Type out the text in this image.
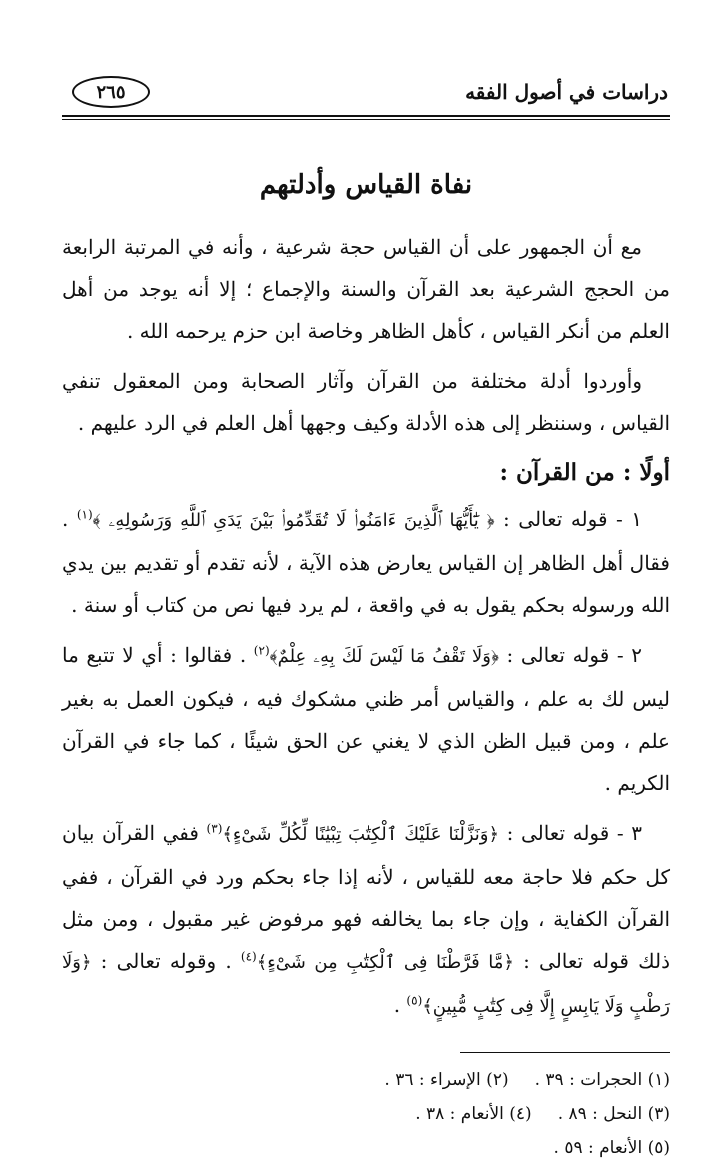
دراسات في أصول الفقه
٢٦٥
نفاة القياس وأدلتهم

مع أن الجمهور على أن القياس حجة شرعية ، وأنه في المرتبة الرابعة من الحجج الشرعية بعد القرآن والسنة والإجماع ؛ إلا أنه يوجد من أهل العلم من أنكر القياس ، كأهل الظاهر وخاصة ابن حزم يرحمه الله .

وأوردوا أدلة مختلفة من القرآن وآثار الصحابة ومن المعقول تنفي القياس ، وسننظر إلى هذه الأدلة وكيف وجهها أهل العلم في الرد عليهم .

أولًا : من القرآن :

١ - قوله تعالى : ﴿ يَٰٓأَيُّهَا ٱلَّذِينَ ءَامَنُوا۟ لَا تُقَدِّمُوا۟ بَيْنَ يَدَىِ ٱللَّهِ وَرَسُولِهِۦ ﴾$^{(١)}$ . فقال أهل الظاهر إن القياس يعارض هذه الآية ، لأنه تقدم أو تقديم بين يدي الله ورسوله بحكم يقول به في واقعة ، لم يرد فيها نص من كتاب أو سنة .

٢ - قوله تعالى : ﴿وَلَا تَقْفُ مَا لَيْسَ لَكَ بِهِۦ عِلْمٌ﴾$^{(٢)}$ . فقالوا : أي لا تتبع ما ليس لك به علم ، والقياس أمر ظني مشكوك فيه ، فيكون العمل به بغير علم ، ومن قبيل الظن الذي لا يغني عن الحق شيئًا ، كما جاء في القرآن الكريم .

٣ - قوله تعالى : ﴿وَنَزَّلْنَا عَلَيْكَ ٱلْكِتَٰبَ تِبْيَٰنًا لِّكُلِّ شَىْءٍ﴾$^{(٣)}$ ففي القرآن بيان كل حكم فلا حاجة معه للقياس ، لأنه إذا جاء بحكم ورد في القرآن ، ففي القرآن الكفاية ، وإن جاء بما يخالفه فهو مرفوض غير مقبول ، ومن مثل ذلك قوله تعالى : ﴿مَّا فَرَّطْنَا فِى ٱلْكِتَٰبِ مِن شَىْءٍ﴾$^{(٤)}$ . وقوله تعالى : ﴿وَلَا رَطْبٍ وَلَا يَابِسٍ إِلَّا فِى كِتَٰبٍ مُّبِينٍ﴾$^{(٥)}$ .

(١) الحجرات : ٣٩ .(٢) الإسراء : ٣٦ .
(٣) النحل : ٨٩ .(٤) الأنعام : ٣٨ .
(٥) الأنعام : ٥٩ .
